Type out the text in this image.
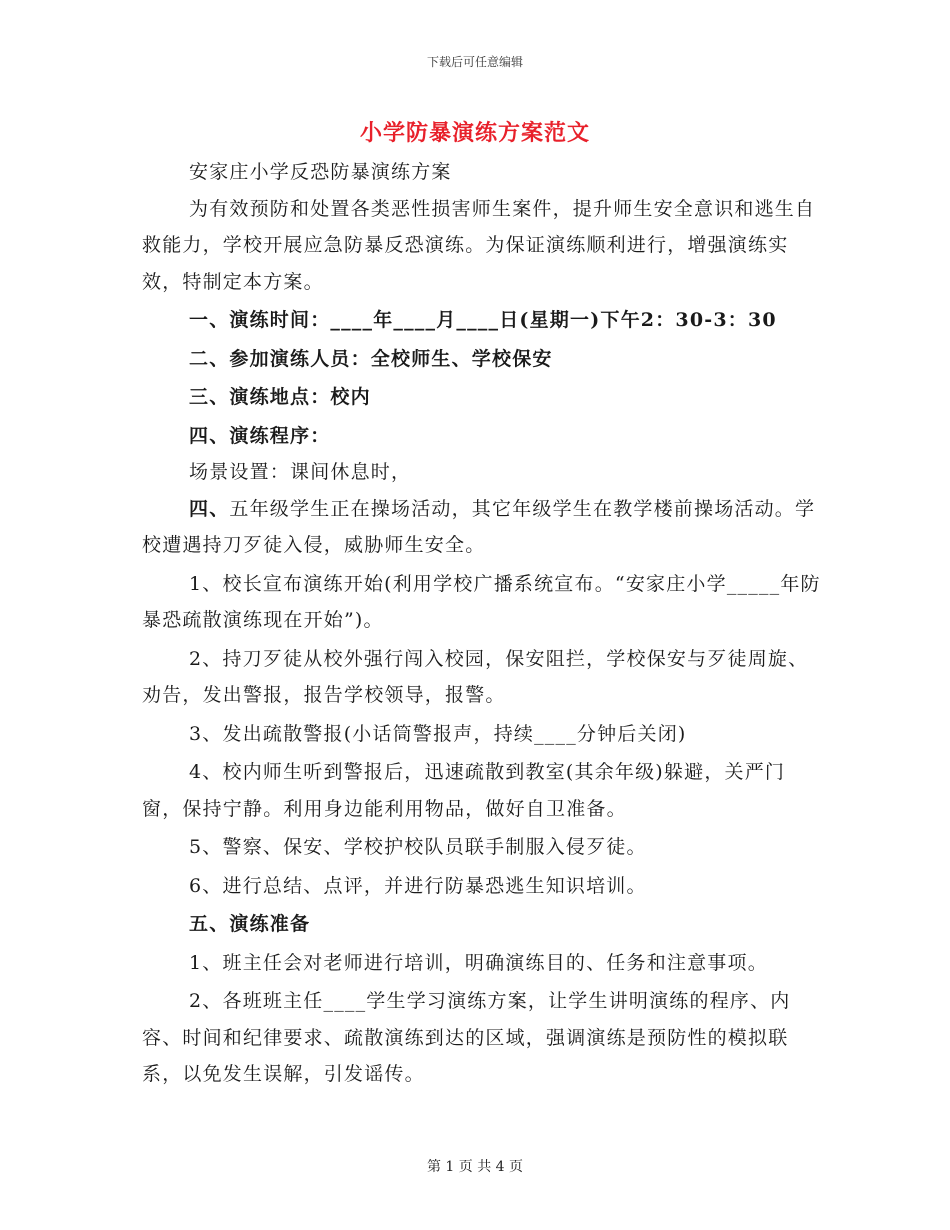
下载后可任意编辑
小学防暴演练方案范文

安家庄小学反恐防暴演练方案

为有效预防和处置各类恶性损害师生案件，提升师生安全意识和逃生自救能力，学校开展应急防暴反恐演练。为保证演练顺利进行，增强演练实效，特制定本方案。

一、演练时间：____年____月____日(星期一)下午2：30-3：30

二、参加演练人员：全校师生、学校保安

三、演练地点：校内

四、演练程序：

场景设置：课间休息时，

四、五年级学生正在操场活动，其它年级学生在教学楼前操场活动。学校遭遇持刀歹徒入侵，威胁师生安全。

1、校长宣布演练开始(利用学校广播系统宣布。“安家庄小学_____年防暴恐疏散演练现在开始”)。

2、持刀歹徒从校外强行闯入校园，保安阻拦，学校保安与歹徒周旋、劝告，发出警报，报告学校领导，报警。

3、发出疏散警报(小话筒警报声，持续____分钟后关闭)

4、校内师生听到警报后，迅速疏散到教室(其余年级)躲避，关严门窗，保持宁静。利用身边能利用物品，做好自卫准备。

5、警察、保安、学校护校队员联手制服入侵歹徒。

6、进行总结、点评，并进行防暴恐逃生知识培训。

五、演练准备

1、班主任会对老师进行培训，明确演练目的、任务和注意事项。

2、各班班主任____学生学习演练方案，让学生讲明演练的程序、内容、时间和纪律要求、疏散演练到达的区域，强调演练是预防性的模拟联系，以免发生误解，引发谣传。

第 1 页 共 4 页
